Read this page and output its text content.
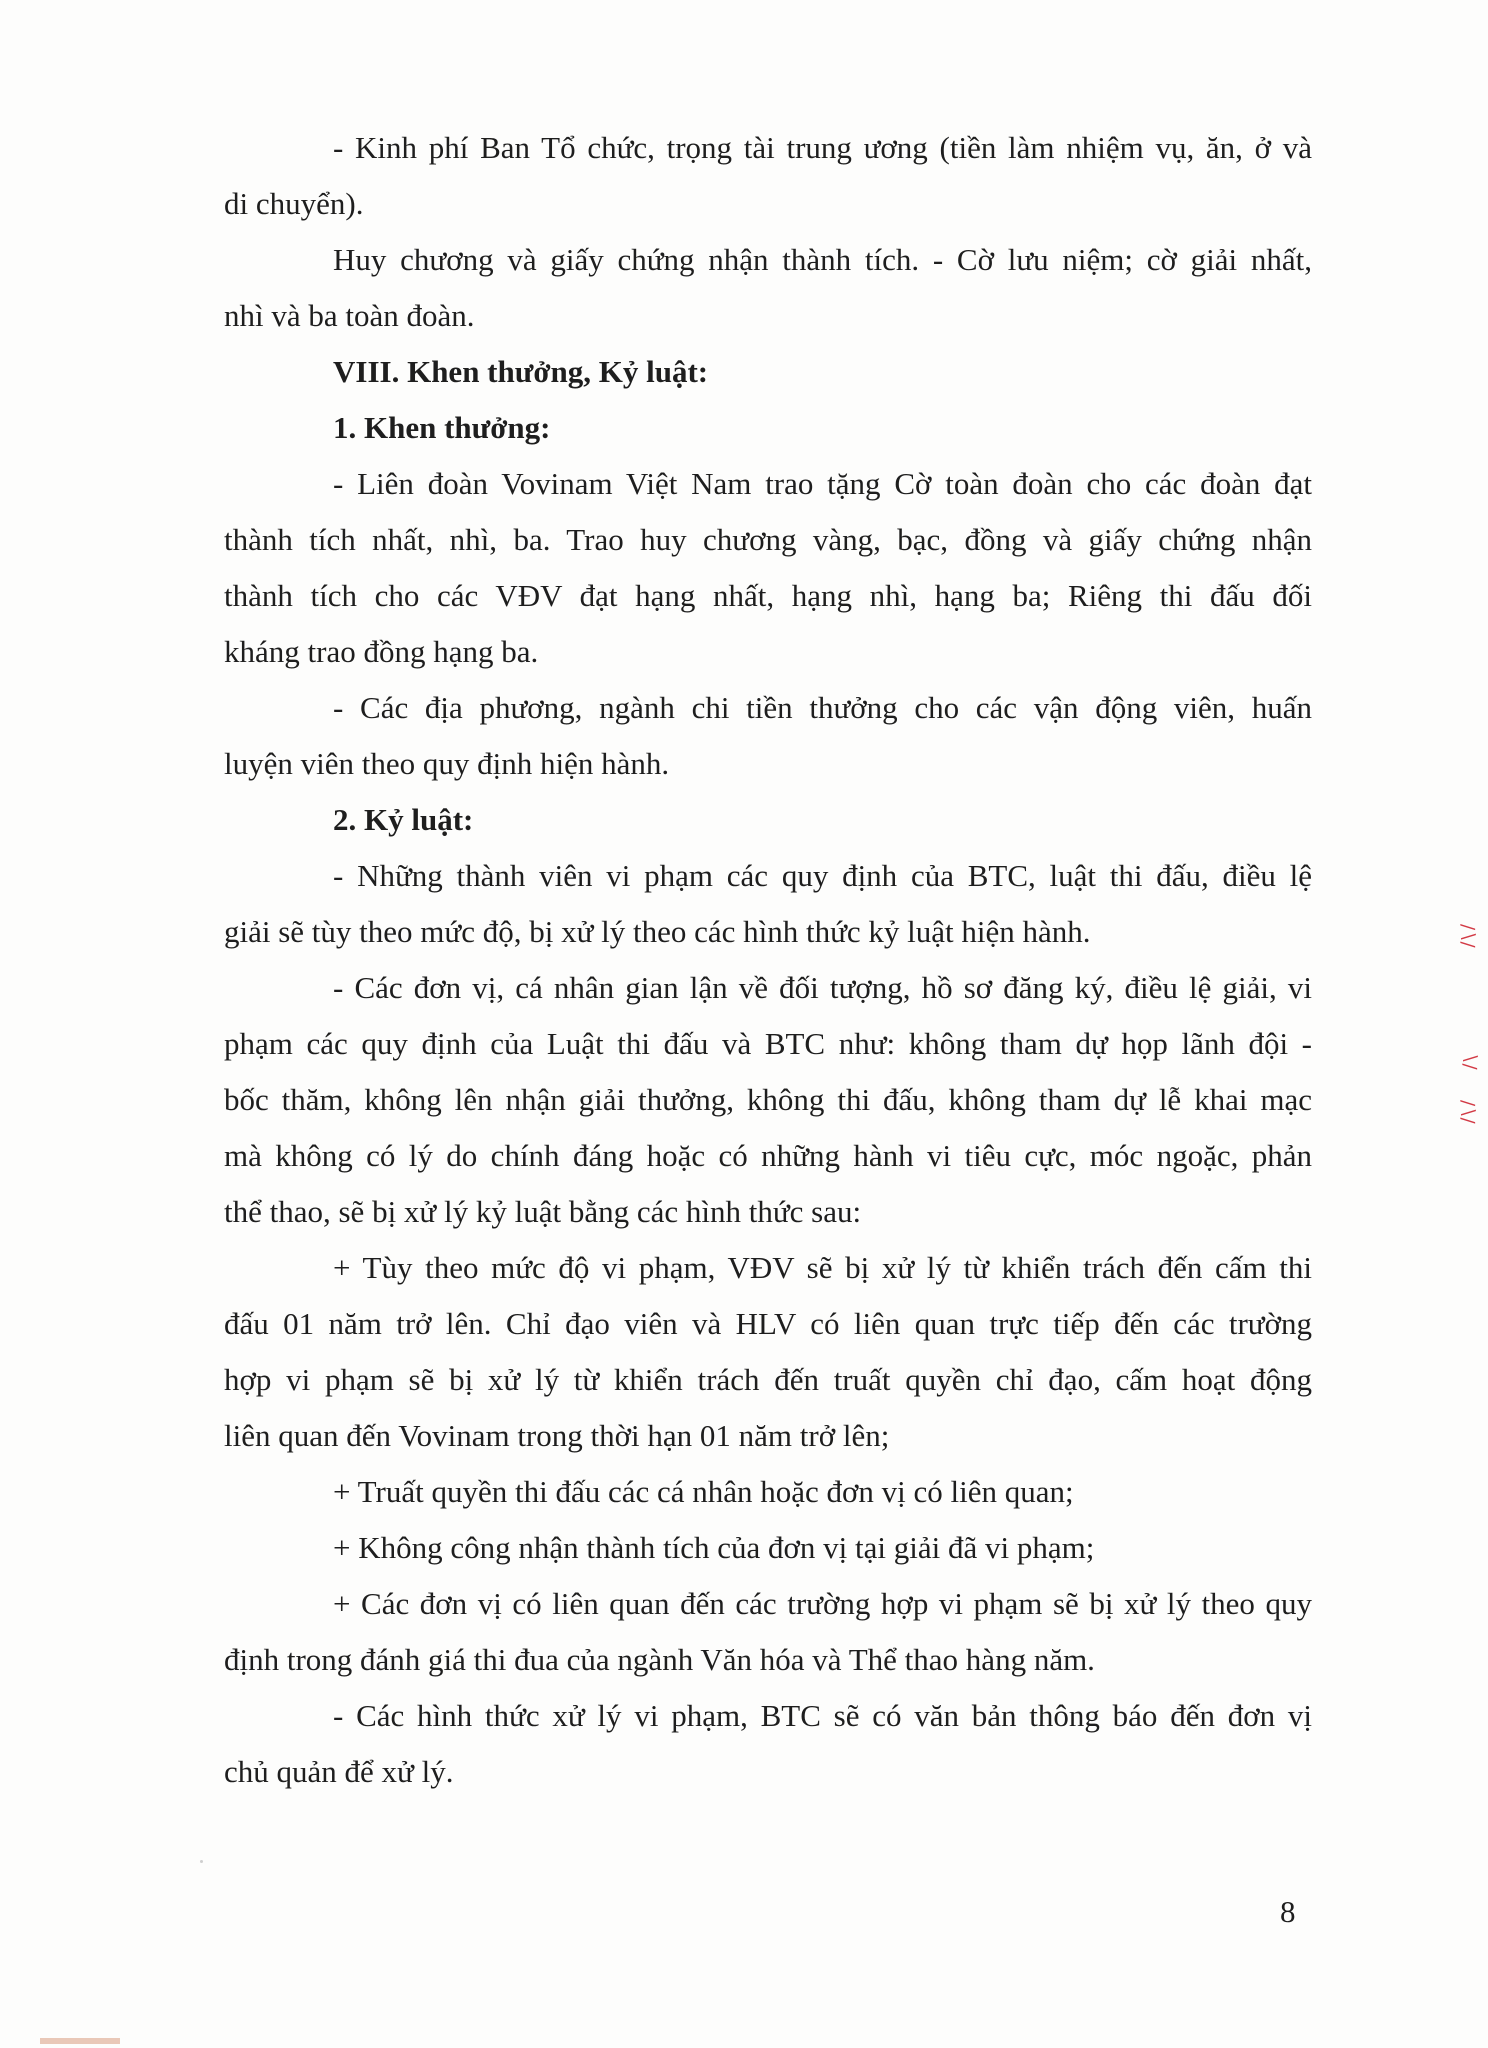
- Kinh phí Ban Tổ chức, trọng tài trung ương (tiền làm nhiệm vụ, ăn, ở và
di chuyển).
Huy chương và giấy chứng nhận thành tích. - Cờ lưu niệm; cờ giải nhất,
nhì và ba toàn đoàn.
VIII. Khen thưởng, Kỷ luật:
1. Khen thưởng:
- Liên đoàn Vovinam Việt Nam trao tặng Cờ toàn đoàn cho các đoàn đạt
thành tích nhất, nhì, ba. Trao huy chương vàng, bạc, đồng và giấy chứng nhận
thành tích cho các VĐV đạt hạng nhất, hạng nhì, hạng ba; Riêng thi đấu đối
kháng trao đồng hạng ba.
- Các địa phương, ngành chi tiền thưởng cho các vận động viên, huấn
luyện viên theo quy định hiện hành.
2. Kỷ luật:
- Những thành viên vi phạm các quy định của BTC, luật thi đấu, điều lệ
giải sẽ tùy theo mức độ, bị xử lý theo các hình thức kỷ luật hiện hành.
- Các đơn vị, cá nhân gian lận về đối tượng, hồ sơ đăng ký, điều lệ giải, vi
phạm các quy định của Luật thi đấu và BTC như: không tham dự họp lãnh đội -
bốc thăm, không lên nhận giải thưởng, không thi đấu, không tham dự lễ khai mạc
mà không có lý do chính đáng hoặc có những hành vi tiêu cực, móc ngoặc, phản
thể thao, sẽ bị xử lý kỷ luật bằng các hình thức sau:
+ Tùy theo mức độ vi phạm, VĐV sẽ bị xử lý từ khiển trách đến cấm thi
đấu 01 năm trở lên. Chỉ đạo viên và HLV có liên quan trực tiếp đến các trường
hợp vi phạm sẽ bị xử lý từ khiển trách đến truất quyền chỉ đạo, cấm hoạt động
liên quan đến Vovinam trong thời hạn 01 năm trở lên;
+ Truất quyền thi đấu các cá nhân hoặc đơn vị có liên quan;
+ Không công nhận thành tích của đơn vị tại giải đã vi phạm;
+ Các đơn vị có liên quan đến các trường hợp vi phạm sẽ bị xử lý theo quy
định trong đánh giá thi đua của ngành Văn hóa và Thể thao hàng năm.
- Các hình thức xử lý vi phạm, BTC sẽ có văn bản thông báo đến đơn vị
chủ quản để xử lý.
8
∕∖∕
∖∕
∕∖∕
